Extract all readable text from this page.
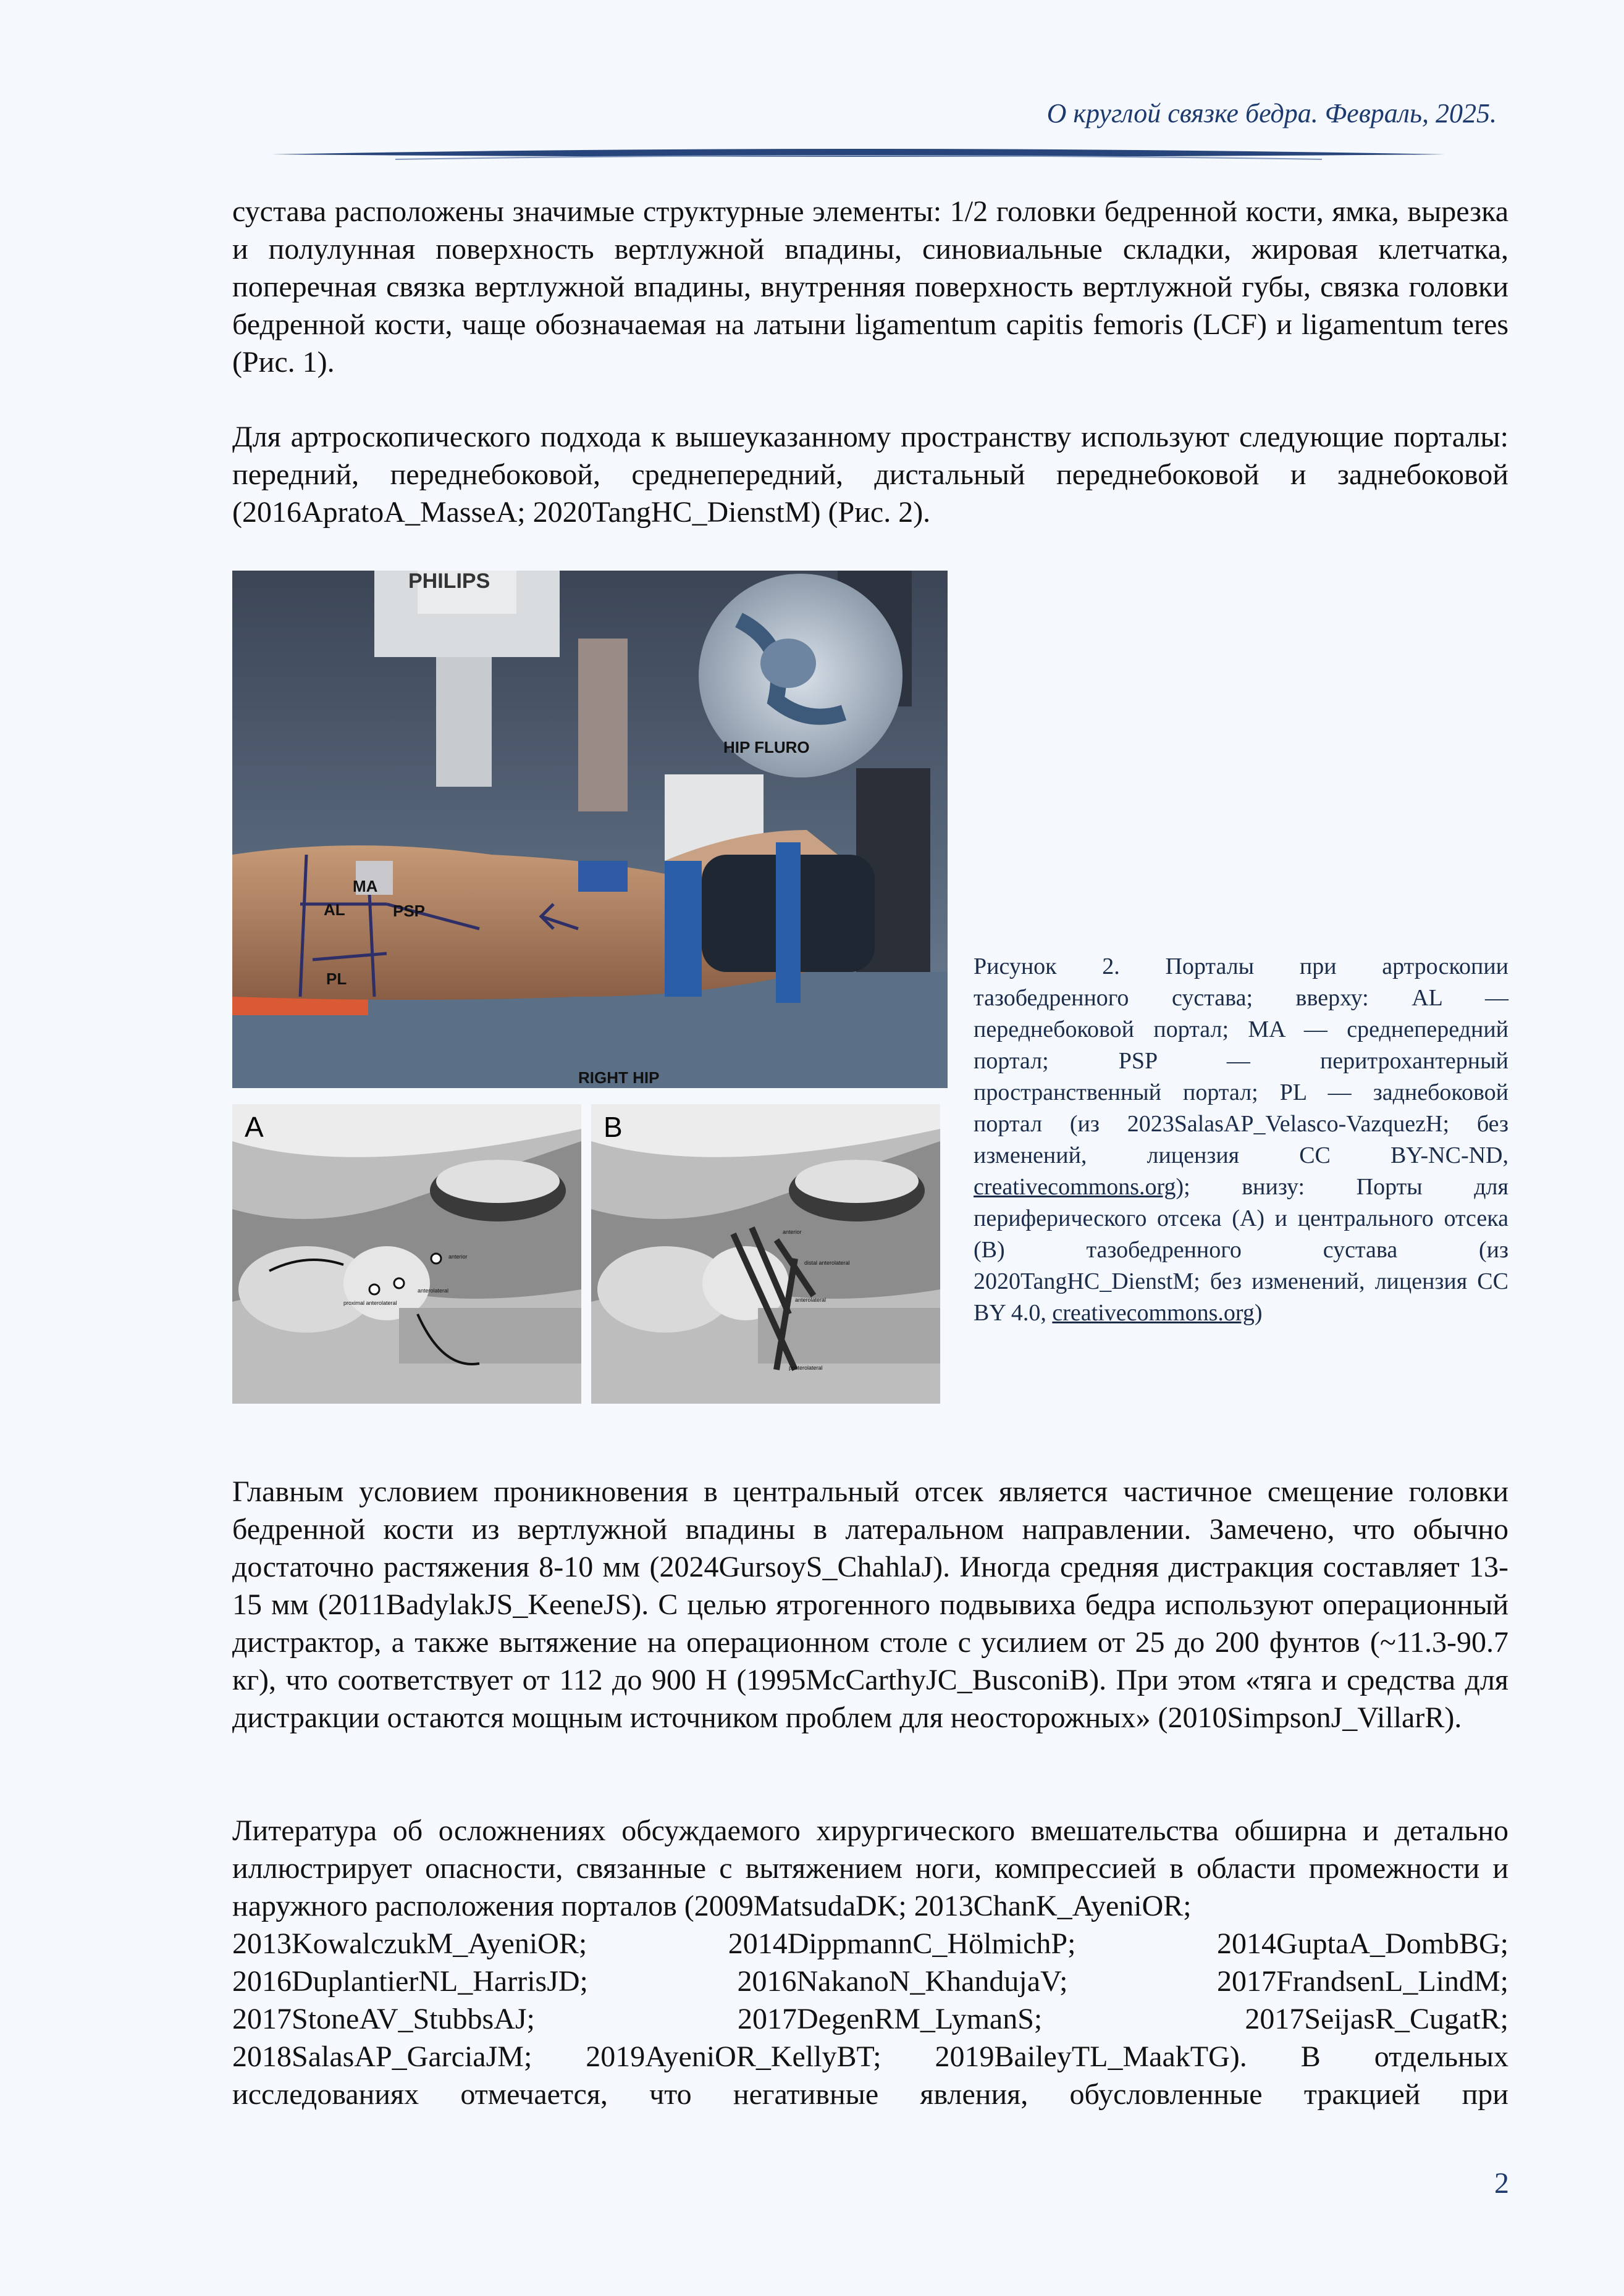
О круглой связке бедра. Февраль, 2025.
сустава расположены значимые структурные элементы: 1/2 головки бедренной кости, ямка, вырезка и полулунная поверхность вертлужной впадины, синовиальные складки, жировая клетчатка, поперечная связка вертлужной впадины, внутренняя поверхность вертлужной губы, связка головки бедренной кости, чаще обозначаемая на латыни ligamentum capitis femoris (LCF) и ligamentum teres (Рис. 1).
Для артроскопического подхода к вышеуказанному пространству используют следующие порталы: передний, переднебоковой, среднепередний, дистальный переднебоковой и заднебоковой (2016ApratoA_MasseA; 2020TangHC_DienstM) (Рис. 2).
PHILIPS
HIP FLURO
MA
AL	PSP
PL
RIGHT HIP
proximal anterolateral
anterolateral
anterior
A
anterior
distal anterolateral
anterolateral
posterolateral
B
Рисунок 2. Порталы при артроскопии тазобедренного сустава; вверху: AL — переднебоковой портал; MA — среднепередний портал; PSP — перитрохантерный пространственный портал; PL — заднебоковой портал (из 2023SalasAP_Velasco-VazquezH; без изменений, лицензия CC BY-NC-ND, creativecommons.org); внизу: Порты для периферического отсека (A) и центрального отсека (B) тазобедренного сустава (из 2020TangHC_DienstM; без изменений, лицензия CC BY 4.0, creativecommons.org)
Главным условием проникновения в центральный отсек является частичное смещение головки бедренной кости из вертлужной впадины в латеральном направлении. Замечено, что обычно достаточно растяжения 8-10 мм (2024GursoyS_ChahlaJ). Иногда средняя дистракция составляет 13-15 мм (2011BadylakJS_KeeneJS). С целью ятрогенного подвывиха бедра используют операционный дистрактор, а также вытяжение на операционном столе с усилием от 25 до 200 фунтов (~11.3-90.7 кг), что соответствует от 112 до 900 Н (1995McCarthyJC_BusconiB). При этом «тяга и средства для дистракции остаются мощным источником проблем для неосторожных» (2010SimpsonJ_VillarR).
Литература об осложнениях обсуждаемого хирургического вмешательства обширна и детально иллюстрирует опасности, связанные с вытяжением ноги, компрессией в области промежности и наружного расположения порталов (2009MatsudaDK; 2013ChanK_AyeniOR;
2013KowalczukM_AyeniOR; 2014DippmannC_HölmichP; 2014GuptaA_DombBG;
2016DuplantierNL_HarrisJD; 2016NakanoN_KhandujaV; 2017FrandsenL_LindM;
2017StoneAV_StubbsAJ; 2017DegenRM_LymanS; 2017SeijasR_CugatR;
2018SalasAP_GarciaJM; 2019AyeniOR_KellyBT; 2019BaileyTL_MaakTG). В отдельных
исследованиях отмечается, что негативные явления, обусловленные тракцией при
2
